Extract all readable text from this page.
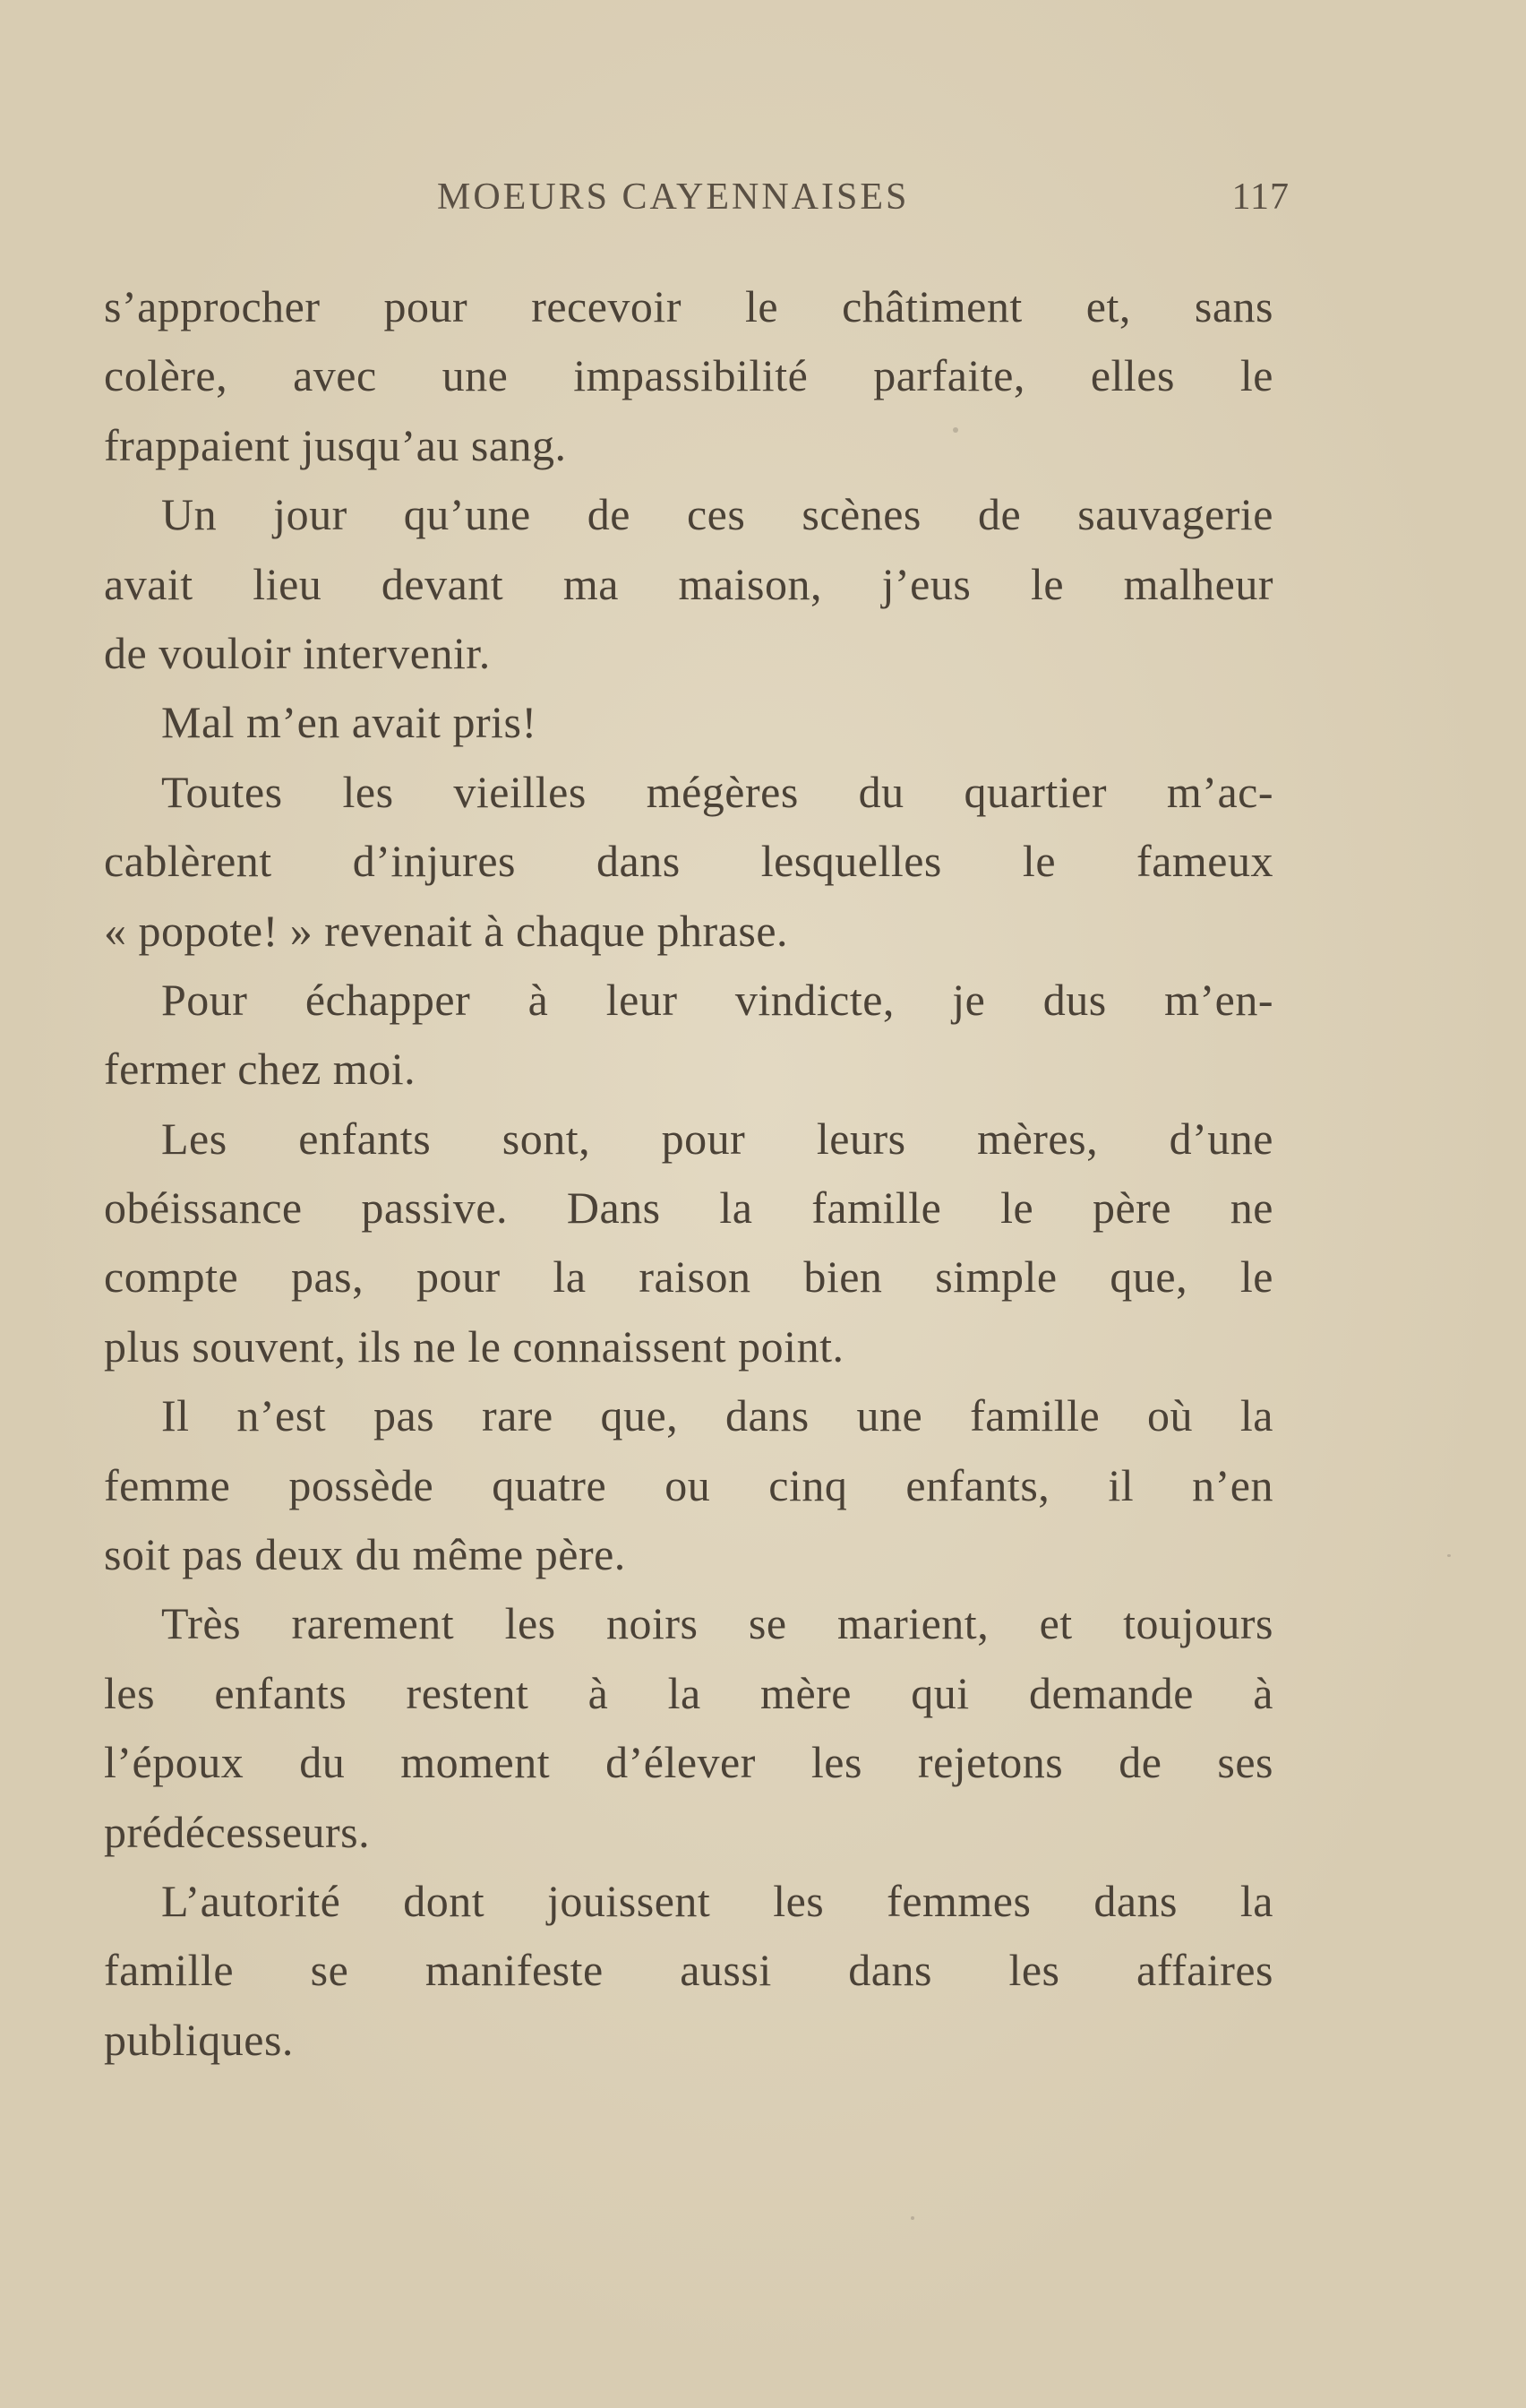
MOEURS CAYENNAISES	117
s’approcher pour recevoir le châtiment et, sans
colère, avec une impassibilité parfaite, elles le
frappaient jusqu’au sang.
Un jour qu’une de ces scènes de sauvagerie
avait lieu devant ma maison, j’eus le malheur
de vouloir intervenir.
Mal m’en avait pris!
Toutes les vieilles mégères du quartier m’ac-
cablèrent d’injures dans lesquelles le fameux
« popote! » revenait à chaque phrase.
Pour échapper à leur vindicte, je dus m’en-
fermer chez moi.
Les enfants sont, pour leurs mères, d’une
obéissance passive. Dans la famille le père ne
compte pas, pour la raison bien simple que, le
plus souvent, ils ne le connaissent point.
Il n’est pas rare que, dans une famille où la
femme possède quatre ou cinq enfants, il n’en
soit pas deux du même père.
Très rarement les noirs se marient, et toujours
les enfants restent à la mère qui demande à
l’époux du moment d’élever les rejetons de ses
prédécesseurs.
L’autorité dont jouissent les femmes dans la
famille se manifeste aussi dans les affaires
publiques.
